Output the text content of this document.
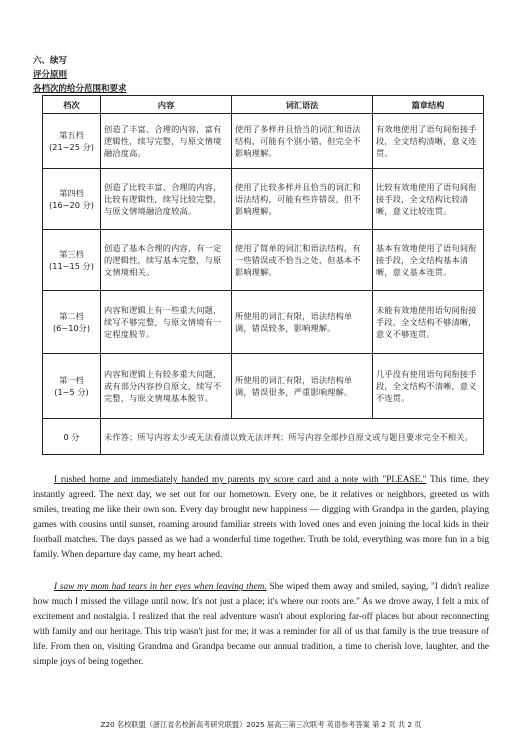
六、续写
评分原则
各档次的给分范围和要求
档次	内容	词汇语法	篇章结构

第五档
(21~25 分)	创造了丰富、合理的内容，富有逻辑性，续写完整，与原文情境融洽度高。	使用了多样并且恰当的词汇和语法结构，可能有个别小错，但完全不影响理解。	有效地使用了语句间衔接手段，全文结构清晰，意义连贯。

第四档
(16~20 分)	创造了比较丰富、合理的内容，比较有逻辑性，续写比较完整，与原文情境融洽度较高。	使用了比较多样并且恰当的词汇和语法结构，可能有些许错误，但不影响理解。	比较有效地使用了语句间衔接手段，全文结构比较清晰，意义比较连贯。

第三档
(11~15 分)	创造了基本合理的内容，有一定的逻辑性，续写基本完整，与原文情境相关。	使用了简单的词汇和语法结构，有一些错误或不恰当之处，但基本不影响理解。	基本有效地使用了语句间衔接手段，全文结构基本清晰，意义基本连贯。

第二档
(6~10分)	内容和逻辑上有一些重大问题，续写不够完整，与原文情境有一定程度脱节。	所使用的词汇有限，语法结构单调，错误较多，影响理解。	未能有效地使用语句间衔接手段，全文结构不够清晰，意义不够连贯。

第一档
(1~5 分)	内容和逻辑上有较多重大问题，或有部分内容抄自原文，续写不完整，与原文情境基本脱节。	所使用的词汇有限，语法结构单调，错误很多，严重影响理解。	几乎没有使用语句间衔接手段，全文结构不清晰，意义不连贯。
0 分	未作答；所写内容太少或无法看清以致无法评判；所写内容全部抄自原文或与题目要求完全不相关。		

I rushed home and immediately handed my parents my score card and a note with "PLEASE." This time, they instantly agreed. The next day, we set out for our hometown. Every one, be it relatives or neighbors, greeted us with smiles, treating me like their own son. Every day brought new happiness — digging with Grandpa in the garden, playing games with cousins until sunset, roaming around familiar streets with loved ones and even joining the local kids in their football matches. The days passed as we had a wonderful time together. Truth be told, everything was more fun in a big family. When departure day came, my heart ached.

I saw my mom had tears in her eyes when leaving them. She wiped them away and smiled, saying, "I didn't realize how much I missed the village until now. It's not just a place; it's where our roots are." As we drove away, I felt a mix of excitement and nostalgia. I realized that the real adventure wasn't about exploring far-off places but about reconnecting with family and our heritage. This trip wasn't just for me; it was a reminder for all of us that family is the true treasure of life. From then on, visiting Grandma and Grandpa became our annual tradition, a time to cherish love, laughter, and the simple joys of being together.

Z20 名校联盟（浙江省名校新高考研究联盟）2025 届高三第三次联考 英语参考答案 第 2 页 共 2 页
